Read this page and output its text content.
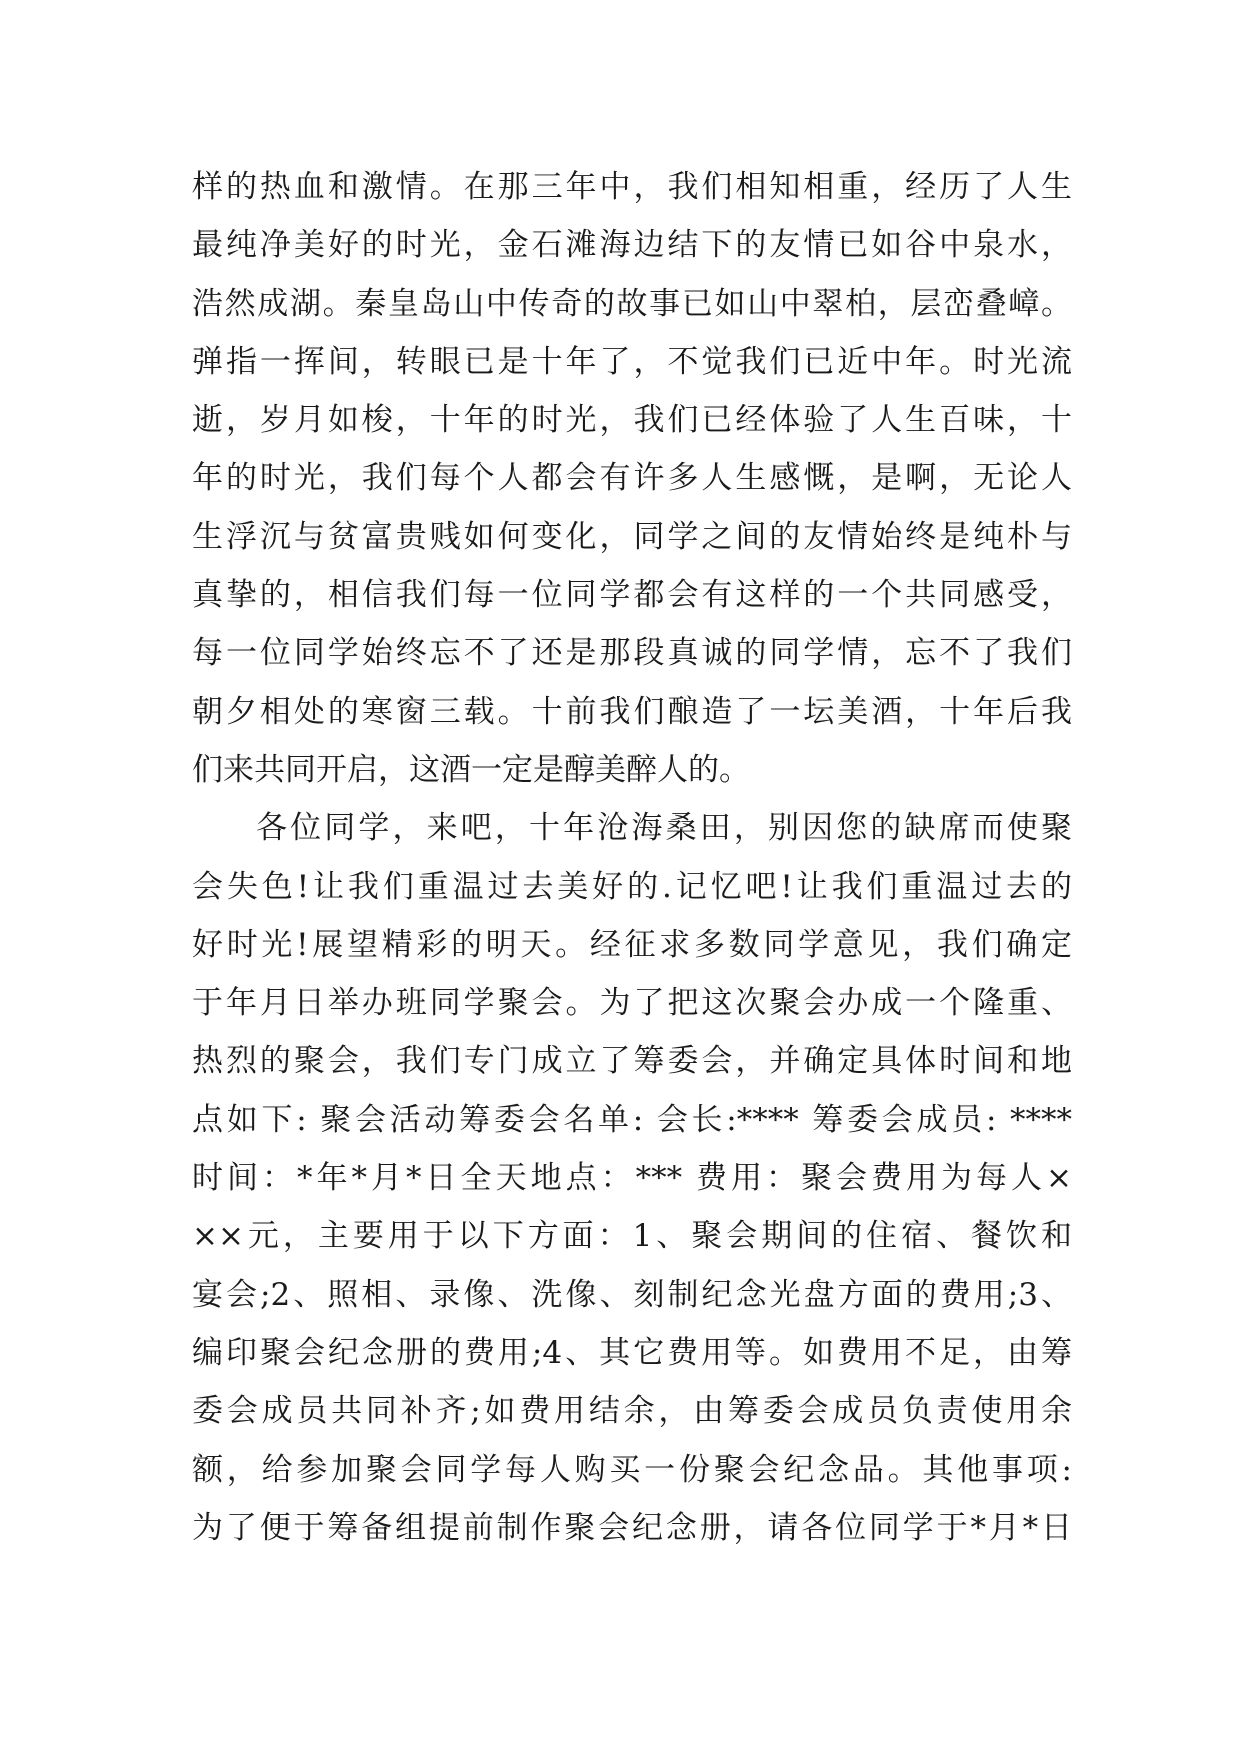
样的热血和激情。在那三年中，我们相知相重，经历了人生
最纯净美好的时光，金石滩海边结下的友情已如谷中泉水，
浩然成湖。秦皇岛山中传奇的故事已如山中翠柏，层峦叠嶂。
弹指一挥间，转眼已是十年了，不觉我们已近中年。时光流
逝，岁月如梭，十年的时光，我们已经体验了人生百味，十
年的时光，我们每个人都会有许多人生感慨，是啊，无论人
生浮沉与贫富贵贱如何变化，同学之间的友情始终是纯朴与
真挚的，相信我们每一位同学都会有这样的一个共同感受，
每一位同学始终忘不了还是那段真诚的同学情，忘不了我们
朝夕相处的寒窗三载。十前我们酿造了一坛美酒，十年后我
们来共同开启，这酒一定是醇美醉人的。
各位同学，来吧，十年沧海桑田，别因您的缺席而使聚
会失色!让我们重温过去美好的.记忆吧!让我们重温过去的
好时光!展望精彩的明天。经征求多数同学意见，我们确定
于年月日举办班同学聚会。为了把这次聚会办成一个隆重、
热烈的聚会，我们专门成立了筹委会，并确定具体时间和地
点如下: 聚会活动筹委会名单: 会长:**** 筹委会成员: ****
时间：*年*月*日全天地点：*** 费用：聚会费用为每人×
××元，主要用于以下方面：1、聚会期间的住宿、餐饮和
宴会;2、照相、录像、洗像、刻制纪念光盘方面的费用;3、
编印聚会纪念册的费用;4、其它费用等。如费用不足，由筹
委会成员共同补齐;如费用结余，由筹委会成员负责使用余
额，给参加聚会同学每人购买一份聚会纪念品。其他事项:
为了便于筹备组提前制作聚会纪念册，请各位同学于*月*日
